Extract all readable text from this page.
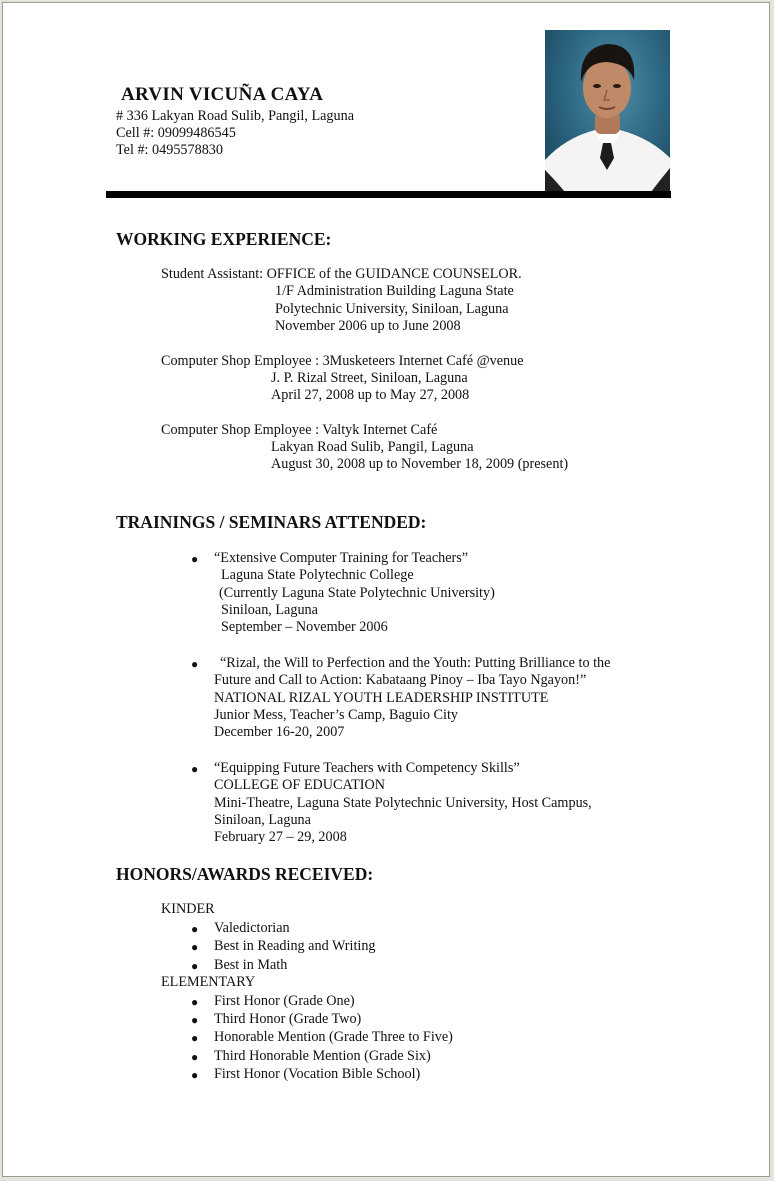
ARVIN VICUÑA CAYA
# 336 Lakyan Road Sulib, Pangil, Laguna
Cell #: 09099486545
Tel #: 0495578830
WORKING EXPERIENCE:
Student Assistant: OFFICE of the GUIDANCE COUNSELOR.
1/F Administration Building Laguna State
Polytechnic University, Siniloan, Laguna
November 2006 up to June 2008
Computer Shop Employee : 3Musketeers Internet Café @venue
J. P. Rizal Street, Siniloan, Laguna
April 27, 2008 up to May 27, 2008
Computer Shop Employee : Valtyk Internet Café
Lakyan Road Sulib, Pangil, Laguna
August 30, 2008 up to November 18, 2009 (present)
TRAININGS / SEMINARS ATTENDED:
● “Extensive Computer Training for Teachers”
Laguna State Polytechnic College
(Currently Laguna State Polytechnic University)
Siniloan, Laguna
September – November 2006
●	“Rizal, the Will to Perfection and the Youth: Putting Brilliance to the
Future and Call to Action: Kabataang Pinoy – Iba Tayo Ngayon!”
NATIONAL RIZAL YOUTH LEADERSHIP INSTITUTE
Junior Mess, Teacher’s Camp, Baguio City
December 16-20, 2007
● “Equipping Future Teachers with Competency Skills”
COLLEGE OF EDUCATION
Mini-Theatre, Laguna State Polytechnic University, Host Campus,
Siniloan, Laguna
February 27 – 29, 2008
HONORS/AWARDS RECEIVED:
KINDER
● Valedictorian
● Best in Reading and Writing
● Best in Math
ELEMENTARY
● First Honor (Grade One)
● Third Honor (Grade Two)
● Honorable Mention (Grade Three to Five)
● Third Honorable Mention (Grade Six)
● First Honor (Vocation Bible School)
